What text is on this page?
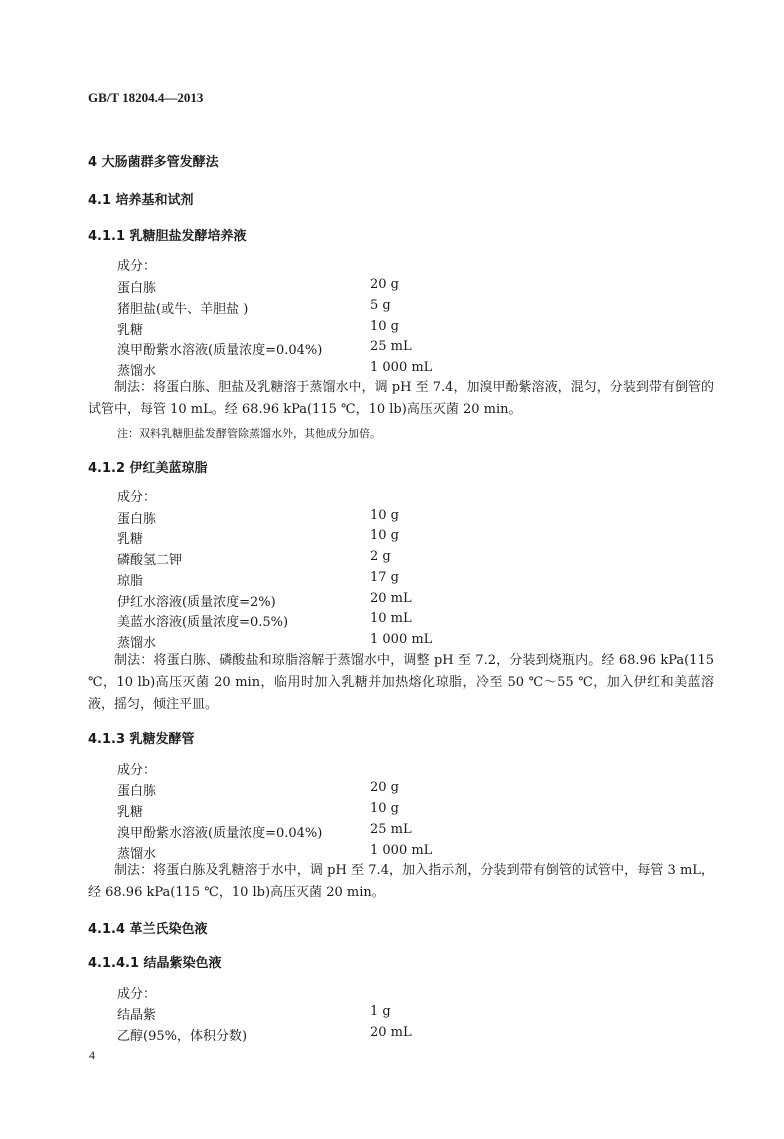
GB/T 18204.4—2013
4 大肠菌群多管发酵法
4.1 培养基和试剂
4.1.1 乳糖胆盐发酵培养液
成分：
蛋白胨	20 g
猪胆盐(或牛、羊胆盐 )	5 g
乳糖	10 g
溴甲酚紫水溶液(质量浓度=0.04%)	25 mL
蒸馏水	1 000 mL
制法：将蛋白胨、胆盐及乳糖溶于蒸馏水中，调 pH 至 7.4，加溴甲酚紫溶液，混匀，分装到带有倒管的试管中，每管 10 mL。经 68.96 kPa(115 ℃，10 lb)高压灭菌 20 min。
注：双料乳糖胆盐发酵管除蒸馏水外，其他成分加倍。
4.1.2 伊红美蓝琼脂
成分：
蛋白胨	10 g
乳糖	10 g
磷酸氢二钾	2 g
琼脂	17 g
伊红水溶液(质量浓度=2%)	20 mL
美蓝水溶液(质量浓度=0.5%)	10 mL
蒸馏水	1 000 mL
制法：将蛋白胨、磷酸盐和琼脂溶解于蒸馏水中，调整 pH 至 7.2，分装到烧瓶内。经 68.96 kPa(115 ℃，10 lb)高压灭菌 20 min，临用时加入乳糖并加热熔化琼脂，冷至 50 ℃～55 ℃，加入伊红和美蓝溶液，摇匀，倾注平皿。
4.1.3 乳糖发酵管
成分：
蛋白胨	20 g
乳糖	10 g
溴甲酚紫水溶液(质量浓度=0.04%)	25 mL
蒸馏水	1 000 mL
制法：将蛋白胨及乳糖溶于水中，调 pH 至 7.4，加入指示剂，分装到带有倒管的试管中，每管 3 mL，经 68.96 kPa(115 ℃，10 lb)高压灭菌 20 min。
4.1.4 革兰氏染色液
4.1.4.1 结晶紫染色液
成分：
结晶紫	1 g
乙醇(95%，体积分数)	20 mL
4
